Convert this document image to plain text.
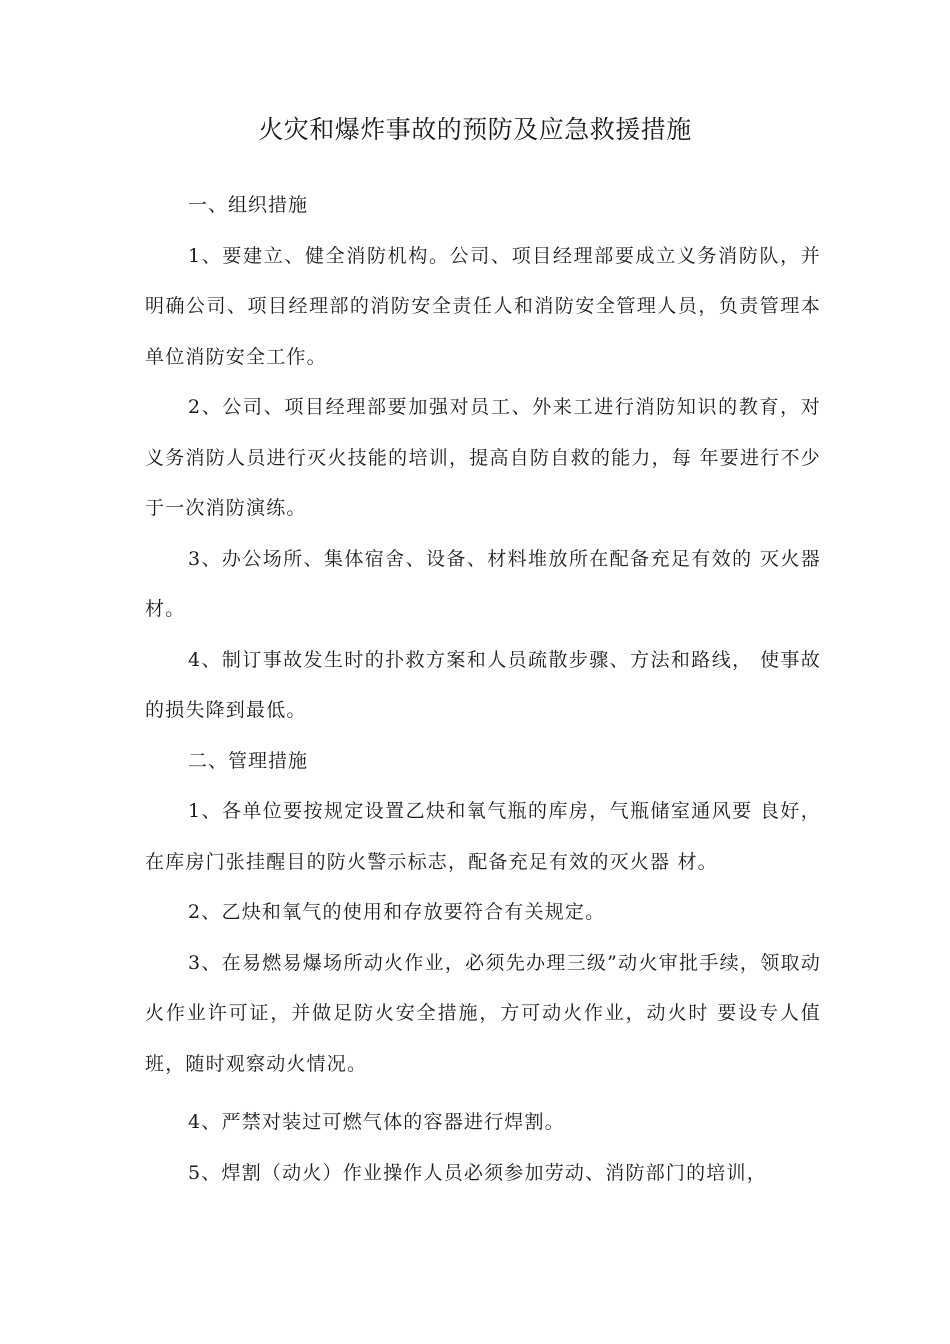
火灾和爆炸事故的预防及应急救援措施

一、组织措施

1、要建立、健全消防机构。公司、项目经理部要成立义务消防队，并明确公司、项目经理部的消防安全责任人和消防安全管理人员，负责管理本单位消防安全工作。

2、公司、项目经理部要加强对员工、外来工进行消防知识的教育，对义务消防人员进行灭火技能的培训，提高自防自救的能力，每 年要进行不少于一次消防演练。

3、办公场所、集体宿舍、设备、材料堆放所在配备充足有效的 灭火器材。

4、制订事故发生时的扑救方案和人员疏散步骤、方法和路线， 使事故的损失降到最低。

二、管理措施

1、各单位要按规定设置乙炔和氧气瓶的库房，气瓶储室通风要 良好，在库房门张挂醒目的防火警示标志，配备充足有效的灭火器 材。

2、乙炔和氧气的使用和存放要符合有关规定。

3、在易燃易爆场所动火作业，必须先办理三级”动火审批手续，领取动火作业许可证，并做足防火安全措施，方可动火作业，动火时 要设专人值班，随时观察动火情况。

4、严禁对装过可燃气体的容器进行焊割。

5、焊割（动火）作业操作人员必须参加劳动、消防部门的培训，
